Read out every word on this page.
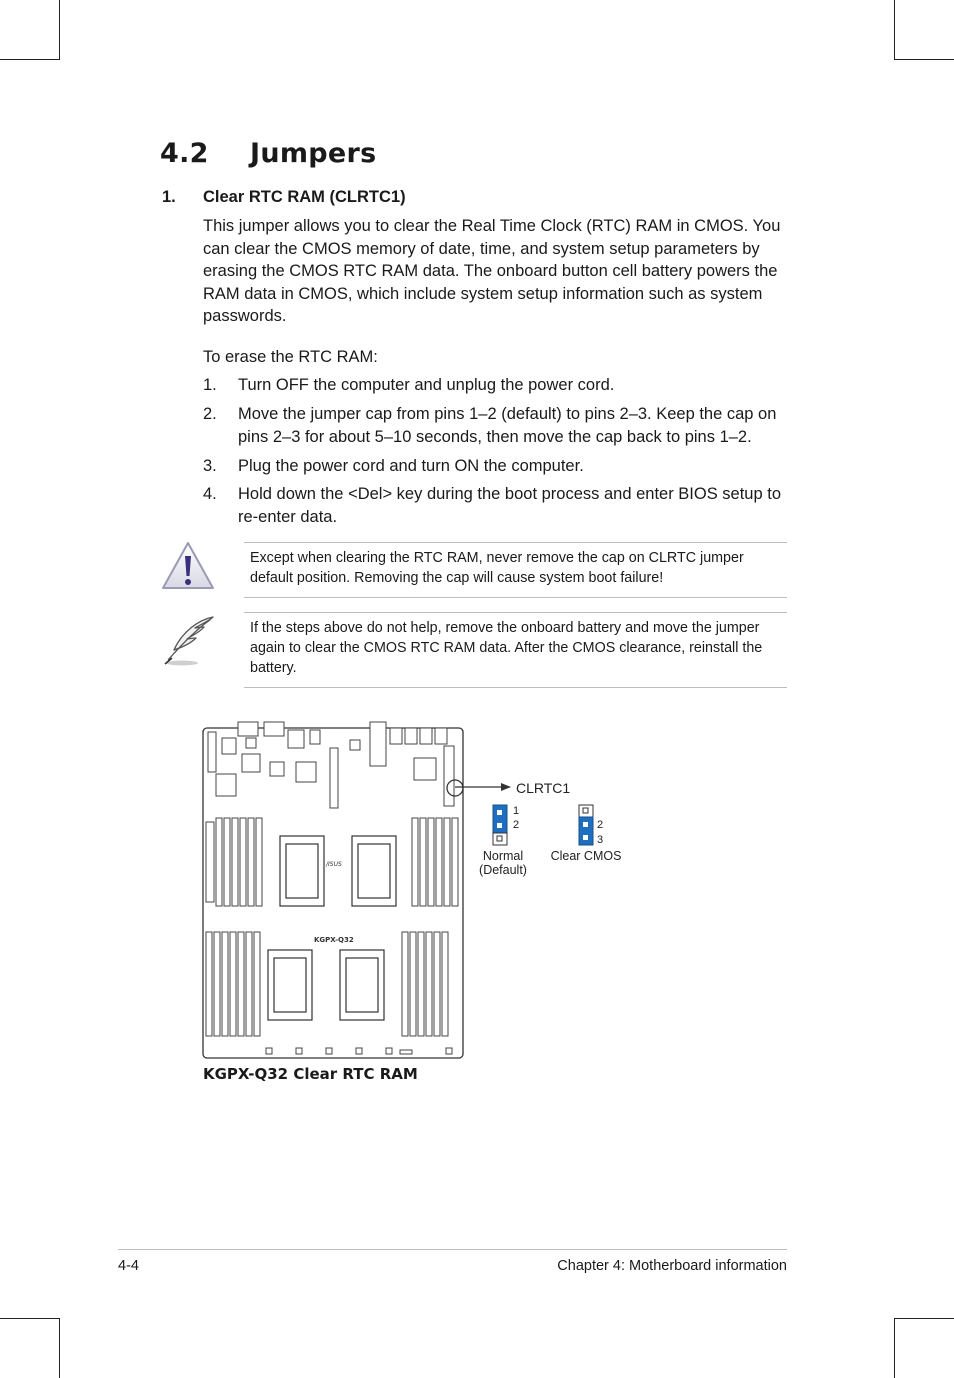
4.2 Jumpers
1. Clear RTC RAM (CLRTC1)
This jumper allows you to clear the Real Time Clock (RTC) RAM in CMOS. You can clear the CMOS memory of date, time, and system setup parameters by erasing the CMOS RTC RAM data. The onboard button cell battery powers the RAM data in CMOS, which include system setup information such as system passwords.
To erase the RTC RAM:
1. Turn OFF the computer and unplug the power cord.
2. Move the jumper cap from pins 1–2 (default) to pins 2–3. Keep the cap on pins 2–3 for about 5–10 seconds, then move the cap back to pins 1–2.
3. Plug the power cord and turn ON the computer.
4. Hold down the <Del> key during the boot process and enter BIOS setup to re-enter data.
Except when clearing the RTC RAM, never remove the cap on CLRTC jumper default position. Removing the cap will cause system boot failure!
If the steps above do not help, remove the onboard battery and move the jumper again to clear the CMOS RTC RAM data. After the CMOS clearance, reinstall the battery.
/ISUS
KGPX-Q32
CLRTC1
1
2
Normal
(Default)
2
3
Clear CMOS
KGPX-Q32 Clear RTC RAM
4-4	Chapter 4: Motherboard information
